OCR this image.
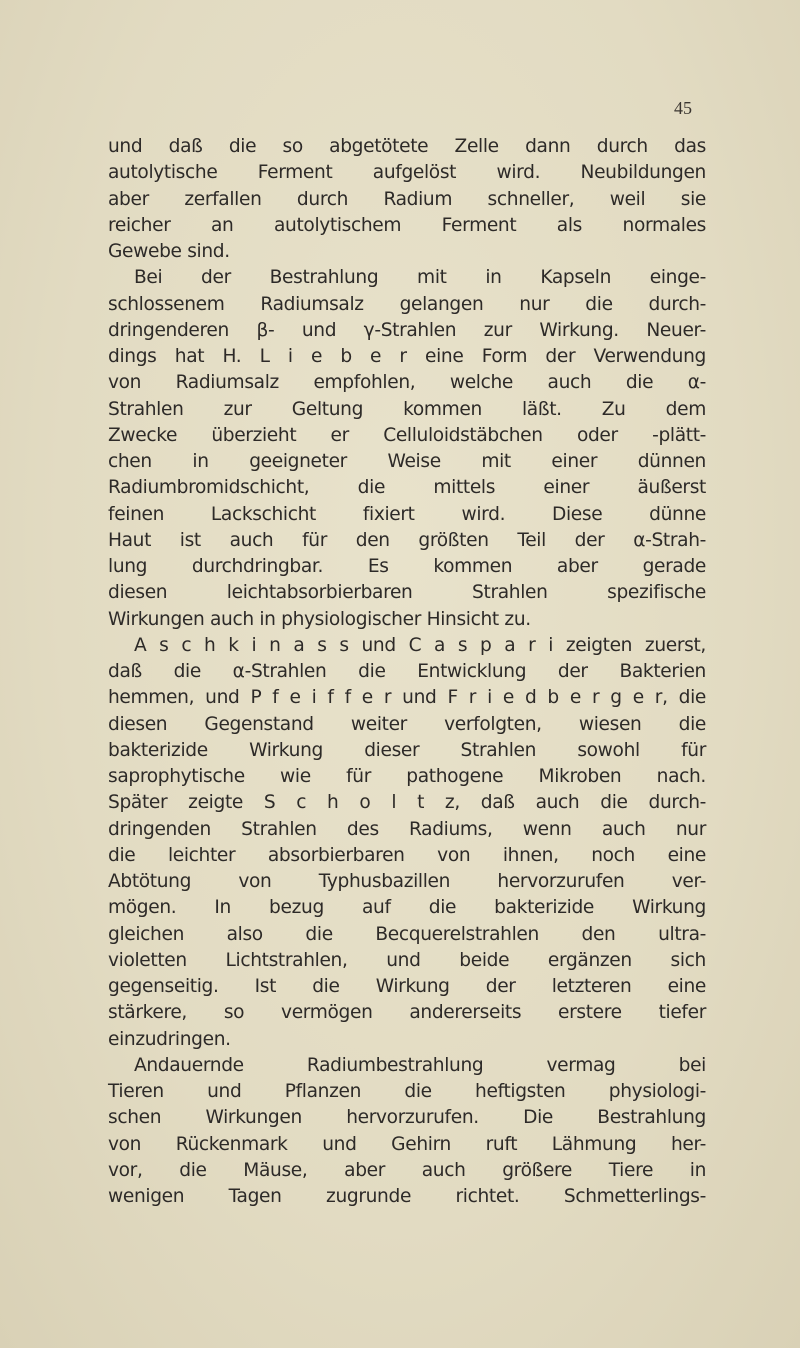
45
und daß die so abgetötete Zelle dann durch das
autolytische Ferment aufgelöst wird. Neubildungen
aber zerfallen durch Radium schneller, weil sie
reicher an autolytischem Ferment als normales
Gewebe sind.
Bei der Bestrahlung mit in Kapseln einge-
schlossenem Radiumsalz gelangen nur die durch-
dringenderen β- und γ-Strahlen zur Wirkung. Neuer-
dings hat H. L i e b e r eine Form der Verwendung
von Radiumsalz empfohlen, welche auch die α-
Strahlen zur Geltung kommen läßt. Zu dem
Zwecke überzieht er Celluloidstäbchen oder -plätt-
chen in geeigneter Weise mit einer dünnen
Radiumbromidschicht, die mittels einer äußerst
feinen Lackschicht fixiert wird. Diese dünne
Haut ist auch für den größten Teil der α-Strah-
lung durchdringbar. Es kommen aber gerade
diesen leichtabsorbierbaren Strahlen spezifische
Wirkungen auch in physiologischer Hinsicht zu.
A s c h k i n a s s und C a s p a r i zeigten zuerst,
daß die α-Strahlen die Entwicklung der Bakterien
hemmen, und P f e i f f e r und F r i e d b e r g e r, die
diesen Gegenstand weiter verfolgten, wiesen die
bakterizide Wirkung dieser Strahlen sowohl für
saprophytische wie für pathogene Mikroben nach.
Später zeigte S c h o l t z, daß auch die durch-
dringenden Strahlen des Radiums, wenn auch nur
die leichter absorbierbaren von ihnen, noch eine
Abtötung von Typhusbazillen hervorzurufen ver-
mögen. In bezug auf die bakterizide Wirkung
gleichen also die Becquerelstrahlen den ultra-
violetten Lichtstrahlen, und beide ergänzen sich
gegenseitig. Ist die Wirkung der letzteren eine
stärkere, so vermögen andererseits erstere tiefer
einzudringen.
Andauernde Radiumbestrahlung vermag bei
Tieren und Pflanzen die heftigsten physiologi-
schen Wirkungen hervorzurufen. Die Bestrahlung
von Rückenmark und Gehirn ruft Lähmung her-
vor, die Mäuse, aber auch größere Tiere in
wenigen Tagen zugrunde richtet. Schmetterlings-
